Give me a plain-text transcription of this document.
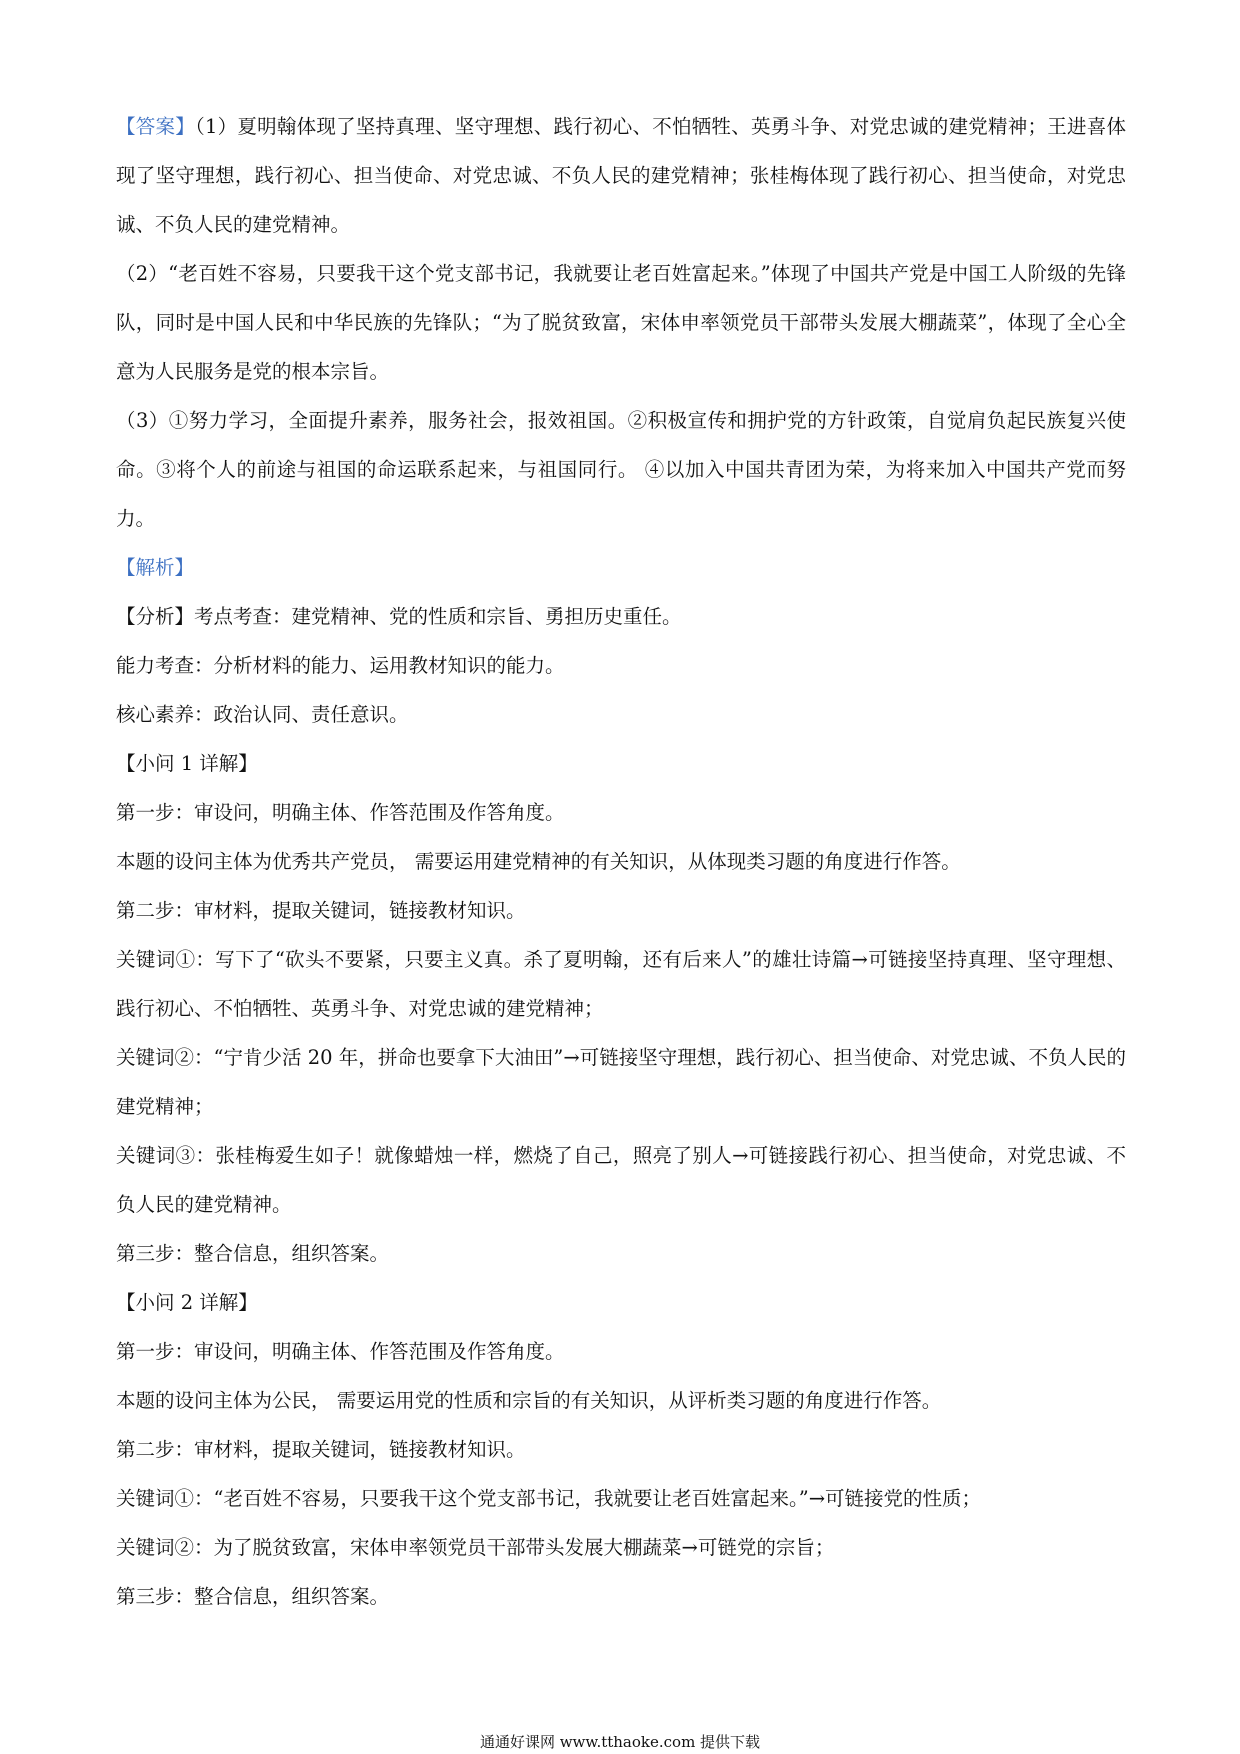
【答案】（1）夏明翰体现了坚持真理、坚守理想、践行初心、不怕牺牲、英勇斗争、对党忠诚的建党精神；王进喜体现了坚守理想，践行初心、担当使命、对党忠诚、不负人民的建党精神；张桂梅体现了践行初心、担当使命，对党忠诚、不负人民的建党精神。

（2）“老百姓不容易，只要我干这个党支部书记，我就要让老百姓富起来。”体现了中国共产党是中国工人阶级的先锋队，同时是中国人民和中华民族的先锋队；“为了脱贫致富，宋体申率领党员干部带头发展大棚蔬菜”，体现了全心全意为人民服务是党的根本宗旨。

（3）①努力学习，全面提升素养，服务社会，报效祖国。②积极宣传和拥护党的方针政策，自觉肩负起民族复兴使命。③将个人的前途与祖国的命运联系起来，与祖国同行。 ④以加入中国共青团为荣，为将来加入中国共产党而努力。

【解析】

【分析】考点考查：建党精神、党的性质和宗旨、勇担历史重任。

能力考查：分析材料的能力、运用教材知识的能力。

核心素养：政治认同、责任意识。

【小问 1 详解】

第一步：审设问，明确主体、作答范围及作答角度。

本题的设问主体为优秀共产党员， 需要运用建党精神的有关知识，从体现类习题的角度进行作答。

第二步：审材料，提取关键词，链接教材知识。

关键词①：写下了“砍头不要紧，只要主义真。杀了夏明翰，还有后来人”的雄壮诗篇→可链接坚持真理、坚守理想、践行初心、不怕牺牲、英勇斗争、对党忠诚的建党精神；

关键词②：“宁肯少活 20 年，拼命也要拿下大油田”→可链接坚守理想，践行初心、担当使命、对党忠诚、不负人民的建党精神；

关键词③：张桂梅爱生如子！就像蜡烛一样，燃烧了自己，照亮了别人→可链接践行初心、担当使命，对党忠诚、不负人民的建党精神。

第三步：整合信息，组织答案。

【小问 2 详解】

第一步：审设问，明确主体、作答范围及作答角度。

本题的设问主体为公民， 需要运用党的性质和宗旨的有关知识，从评析类习题的角度进行作答。

第二步：审材料，提取关键词，链接教材知识。

关键词①：“老百姓不容易，只要我干这个党支部书记，我就要让老百姓富起来。”→可链接党的性质；

关键词②：为了脱贫致富，宋体申率领党员干部带头发展大棚蔬菜→可链党的宗旨；

第三步：整合信息，组织答案。

通通好课网 www.tthaoke.com 提供下载
